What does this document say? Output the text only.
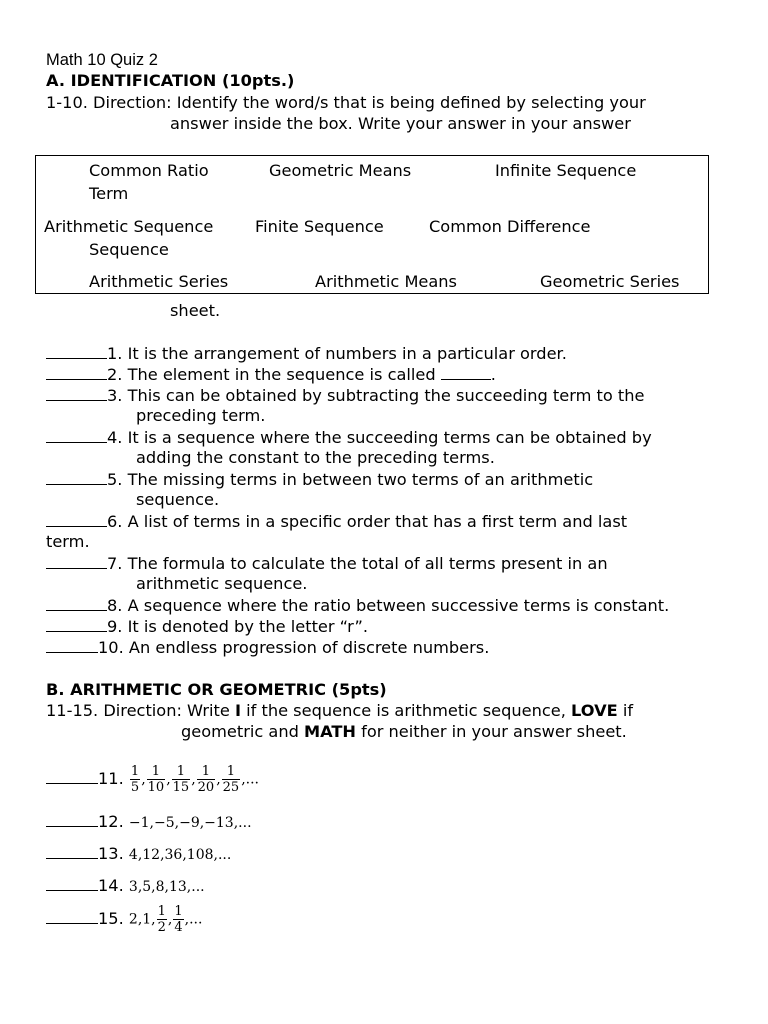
Math 10 Quiz 2
A. IDENTIFICATION (10pts.)
1-10. Direction: Identify the word/s that is being defined by selecting your
answer inside the box. Write your answer in your answer
Common Ratio	Geometric Means	Infinite Sequence
Term
Arithmetic Sequence	Finite Sequence	Common Difference
Sequence
Arithmetic Series	Arithmetic Means	Geometric Series
sheet.
1. It is the arrangement of numbers in a particular order.
2. The element in the sequence is called	.
3. This can be obtained by subtracting the succeeding term to the
preceding term.
4. It is a sequence where the succeeding terms can be obtained by
adding the constant to the preceding terms.
5. The missing terms in between two terms of an arithmetic
sequence.
6. A list of terms in a specific order that has a first term and last
term.
7. The formula to calculate the total of all terms present in an
arithmetic sequence.
8. A sequence where the ratio between successive terms is constant.
9. It is denoted by the letter “r”.
10. An endless progression of discrete numbers.
B. ARITHMETIC OR GEOMETRIC (5pts)
11-15. Direction: Write I if the sequence is arithmetic sequence, LOVE if
geometric and MATH for neither in your answer sheet.
11. $\frac{1}{5}$ , $\frac{1}{10}$ , $\frac{1}{15}$ , $\frac{1}{20}$ , $\frac{1}{25}$ ,...
12. −1,−5,−9,−13,...
13. 4,12,36,108,...
14. 3,5,8,13,...
15. 2,1, $\frac{1}{2}$ , $\frac{1}{4}$ ,...
